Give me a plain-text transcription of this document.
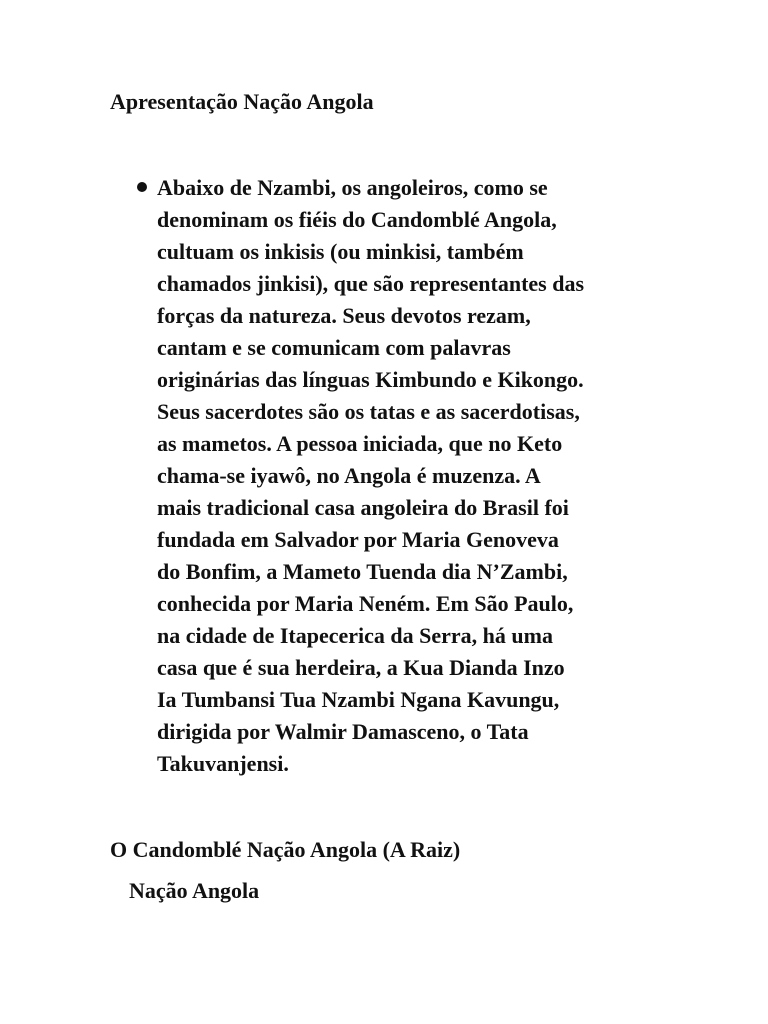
Apresentação Nação Angola
Abaixo de Nzambi, os angoleiros, como se
denominam os fiéis do Candomblé Angola,
cultuam os inkisis (ou minkisi, também
chamados jinkisi), que são representantes das
forças da natureza. Seus devotos rezam,
cantam e se comunicam com palavras
originárias das línguas Kimbundo e Kikongo.
Seus sacerdotes são os tatas e as sacerdotisas,
as mametos. A pessoa iniciada, que no Keto
chama-se iyawô, no Angola é muzenza. A
mais tradicional casa angoleira do Brasil foi
fundada em Salvador por Maria Genoveva
do Bonfim, a Mameto Tuenda dia N’Zambi,
conhecida por Maria Neném. Em São Paulo,
na cidade de Itapecerica da Serra, há uma
casa que é sua herdeira, a Kua Dianda Inzo
Ia Tumbansi Tua Nzambi Ngana Kavungu,
dirigida por Walmir Damasceno, o Tata
Takuvanjensi.
O Candomblé Nação Angola (A Raiz)
Nação Angola
